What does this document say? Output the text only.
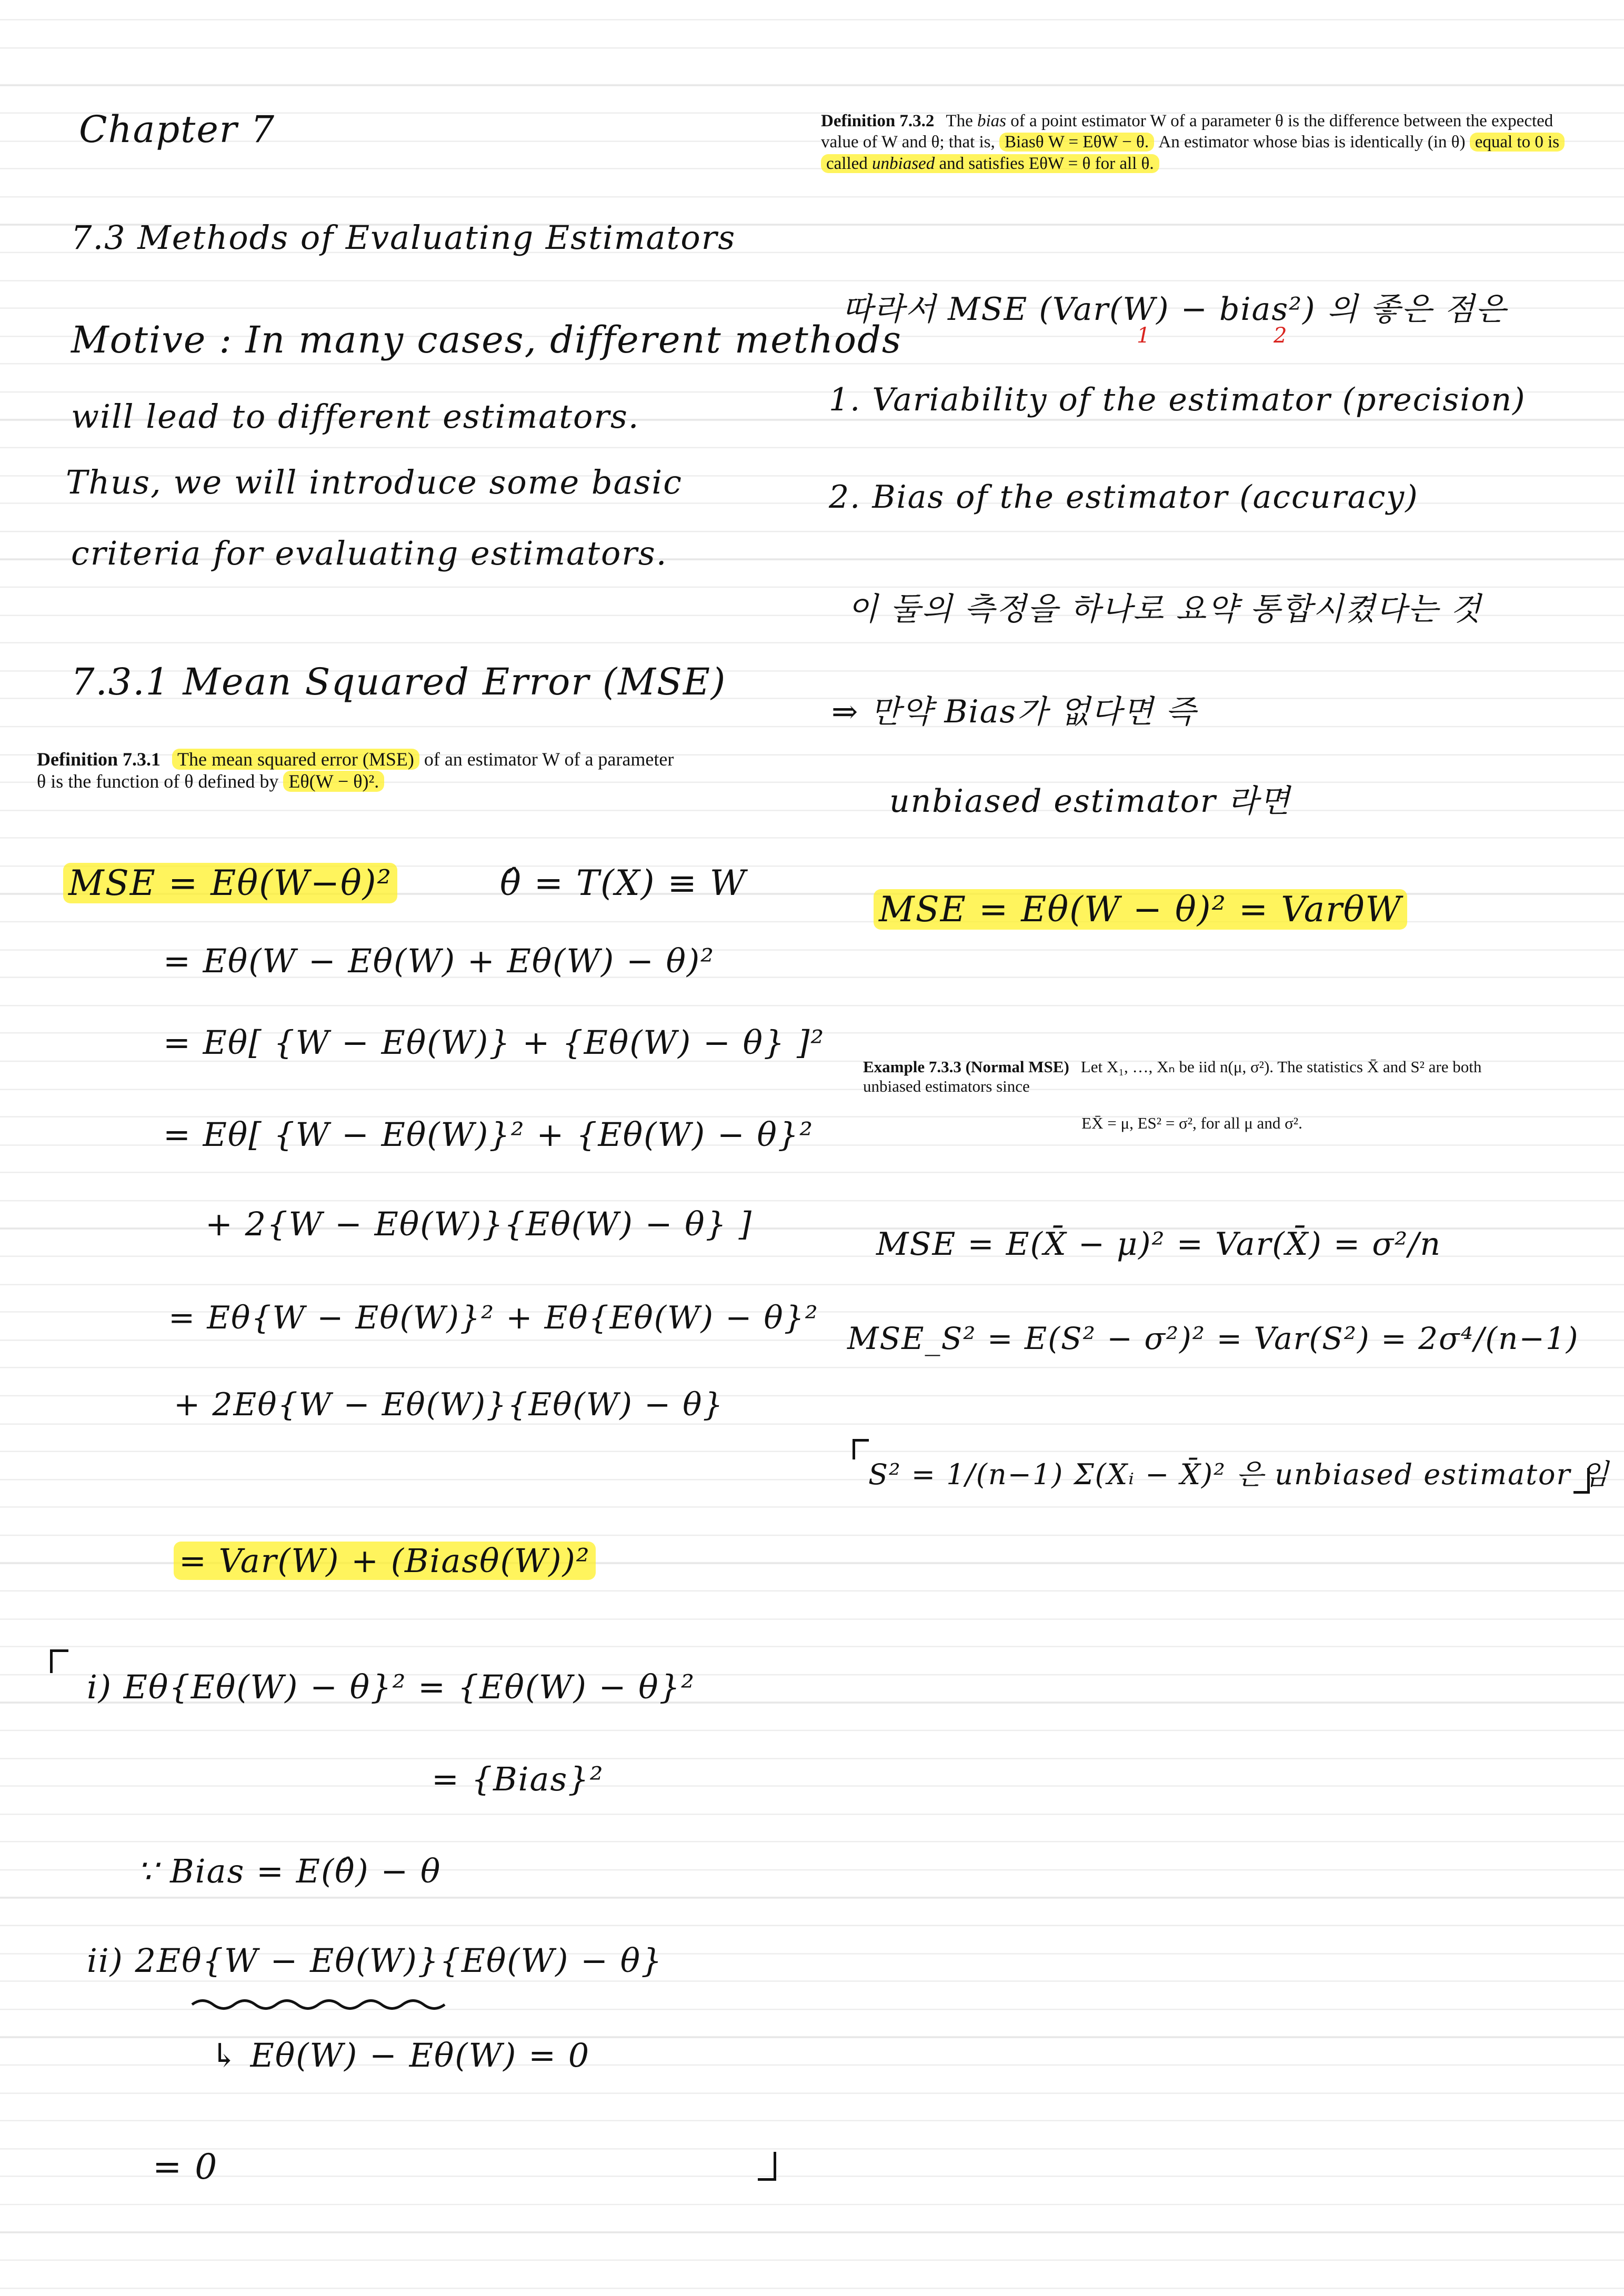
Chapter 7
7.3 Methods of Evaluating Estimators
Motive : In many cases, different methods
will lead to different estimators.
Thus, we will introduce some basic
criteria for evaluating estimators.
7.3.1 Mean Squared Error (MSE)
Definition 7.3.1 The mean squared error (MSE) of an estimator W of a parameter
θ is the function of θ defined by Eθ(W − θ)².
MSE = Eθ(W−θ)²	θ̂ = T(X) ≡ W
= Eθ(W − Eθ(W) + Eθ(W) − θ)²
= Eθ[ {W − Eθ(W)} + {Eθ(W) − θ} ]²
= Eθ[ {W − Eθ(W)}² + {Eθ(W) − θ}²
+ 2{W − Eθ(W)}{Eθ(W) − θ} ]
= Eθ{W − Eθ(W)}² + Eθ{Eθ(W) − θ}²
+ 2Eθ{W − Eθ(W)}{Eθ(W) − θ}
= Var(W) + (Biasθ(W))²
i) Eθ{Eθ(W) − θ}² = {Eθ(W) − θ}²
= {Bias}²
∵ Bias = E(θ̂) − θ
ii) 2Eθ{W − Eθ(W)}{Eθ(W) − θ}
↳ Eθ(W) − Eθ(W) = 0
= 0
Definition 7.3.2 The bias of a point estimator W of a parameter θ is the difference between the expected value of W and θ; that is, Biasθ W = EθW − θ. An estimator whose bias is identically (in θ) equal to 0 is called unbiased and satisfies EθW = θ for all θ.
따라서 MSE (Var(W) − bias²) 의 좋은 점은
1	2
1. Variability of the estimator (precision)
2. Bias of the estimator (accuracy)
이 둘의 측정을 하나로 요약 통합시켰다는 것
⇒ 만약 Bias가 없다면 즉
unbiased estimator 라면
MSE = Eθ(W − θ)² = VarθW
Example 7.3.3 (Normal MSE) Let X₁, …, Xₙ be iid n(μ, σ²). The statistics X̄ and S² are both unbiased estimators since
EX̄ = μ, ES² = σ², for all μ and σ².
MSE = E(X̄ − μ)² = Var(X̄) = σ²/n
MSE_S² = E(S² − σ²)² = Var(S²) = 2σ⁴/(n−1)
S² = 1/(n−1) Σ(Xᵢ − X̄)² 은 unbiased estimator 임
